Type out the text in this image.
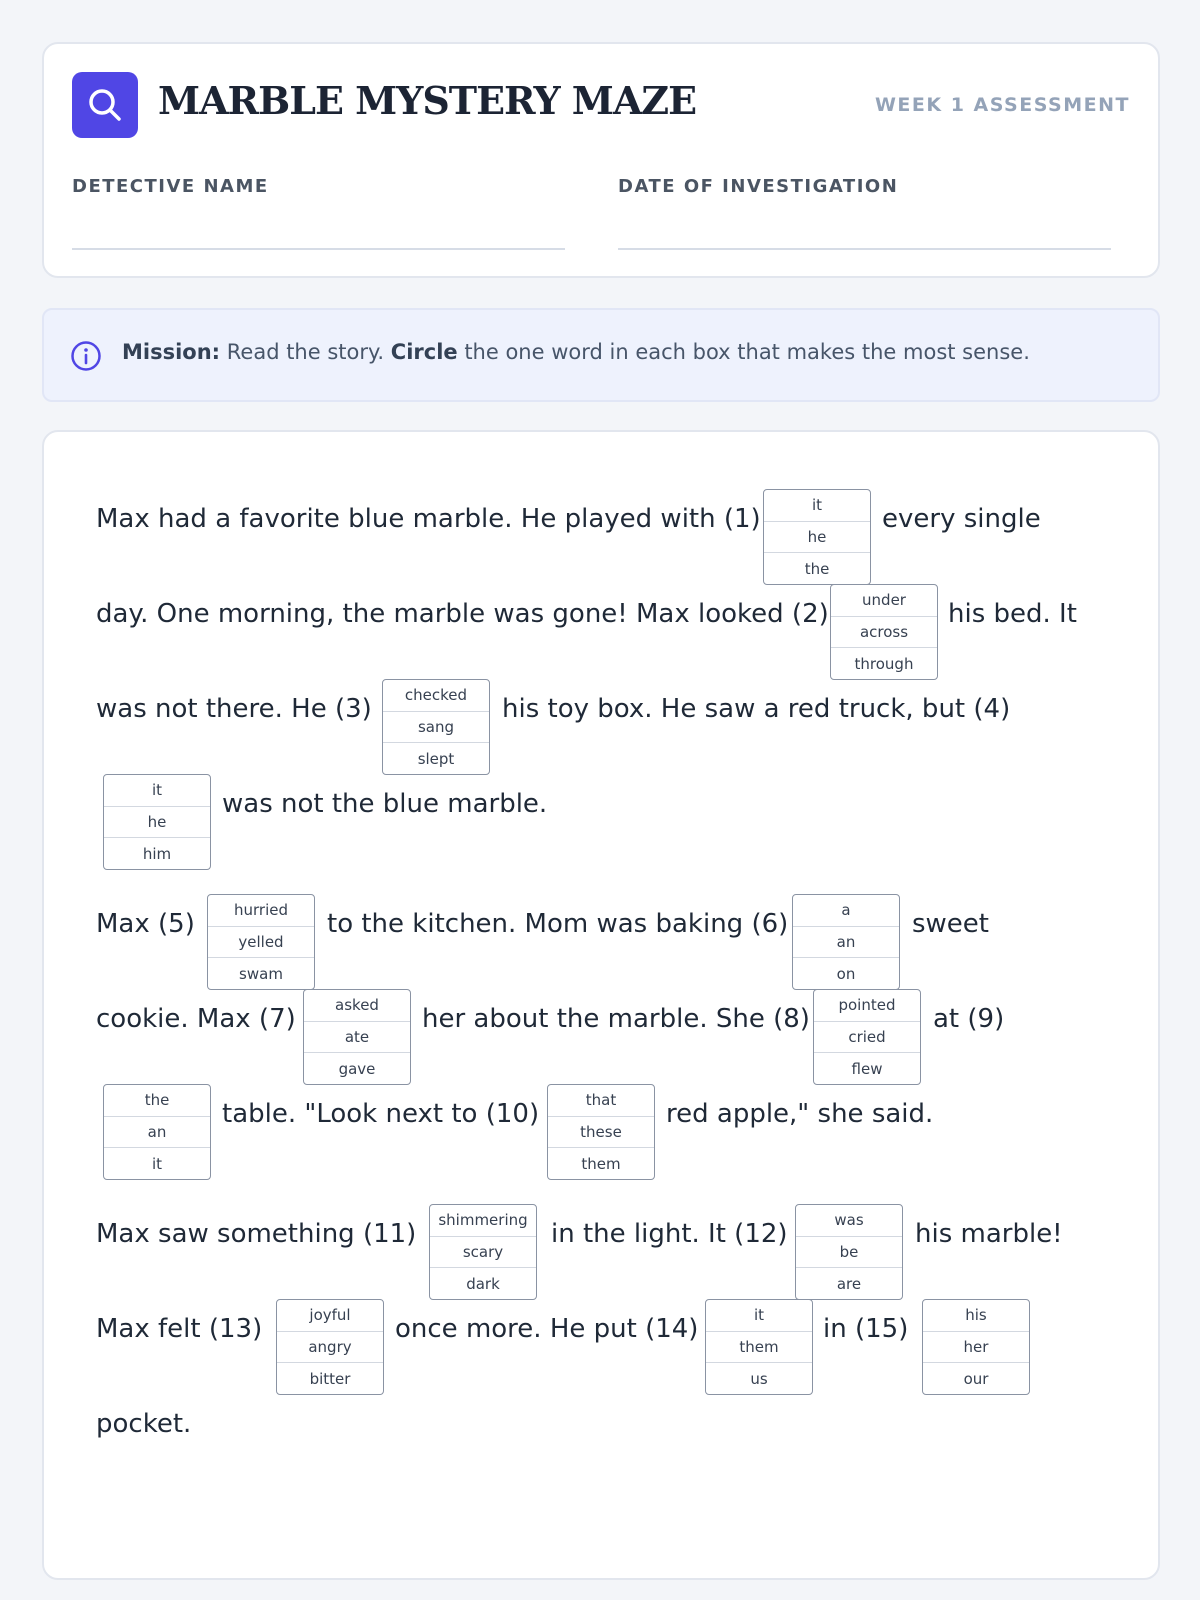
MARBLE MYSTERY MAZE	WEEK 1 ASSESSMENT
DETECTIVE NAME	DATE OF INVESTIGATION
Mission: Read the story. Circle the one word in each box that makes the most sense.
Max had a favorite blue marble. He played with (1)	every single
day. One morning, the marble was gone! Max looked (2)	his bed. It
was not there. He (3)	his toy box. He saw a red truck, but (4)
was not the blue marble.
Max (5)	to the kitchen. Mom was baking (6)	sweet
cookie. Max (7)	her about the marble. She (8)	at (9)
table. "Look next to (10)	red apple," she said.
Max saw something (11)	in the light. It (12)	his marble!
Max felt (13)	once more. He put (14)	in (15)
pocket.
it
he
the
under
across
through
checked
sang
slept
it
he
him
hurried
yelled
swam
a
an
on
asked
ate
gave
pointed
cried
flew
the
an
it
that
these
them
shimmering
scary
dark
was
be
are
joyful
angry
bitter
it
them
us
his
her
our
